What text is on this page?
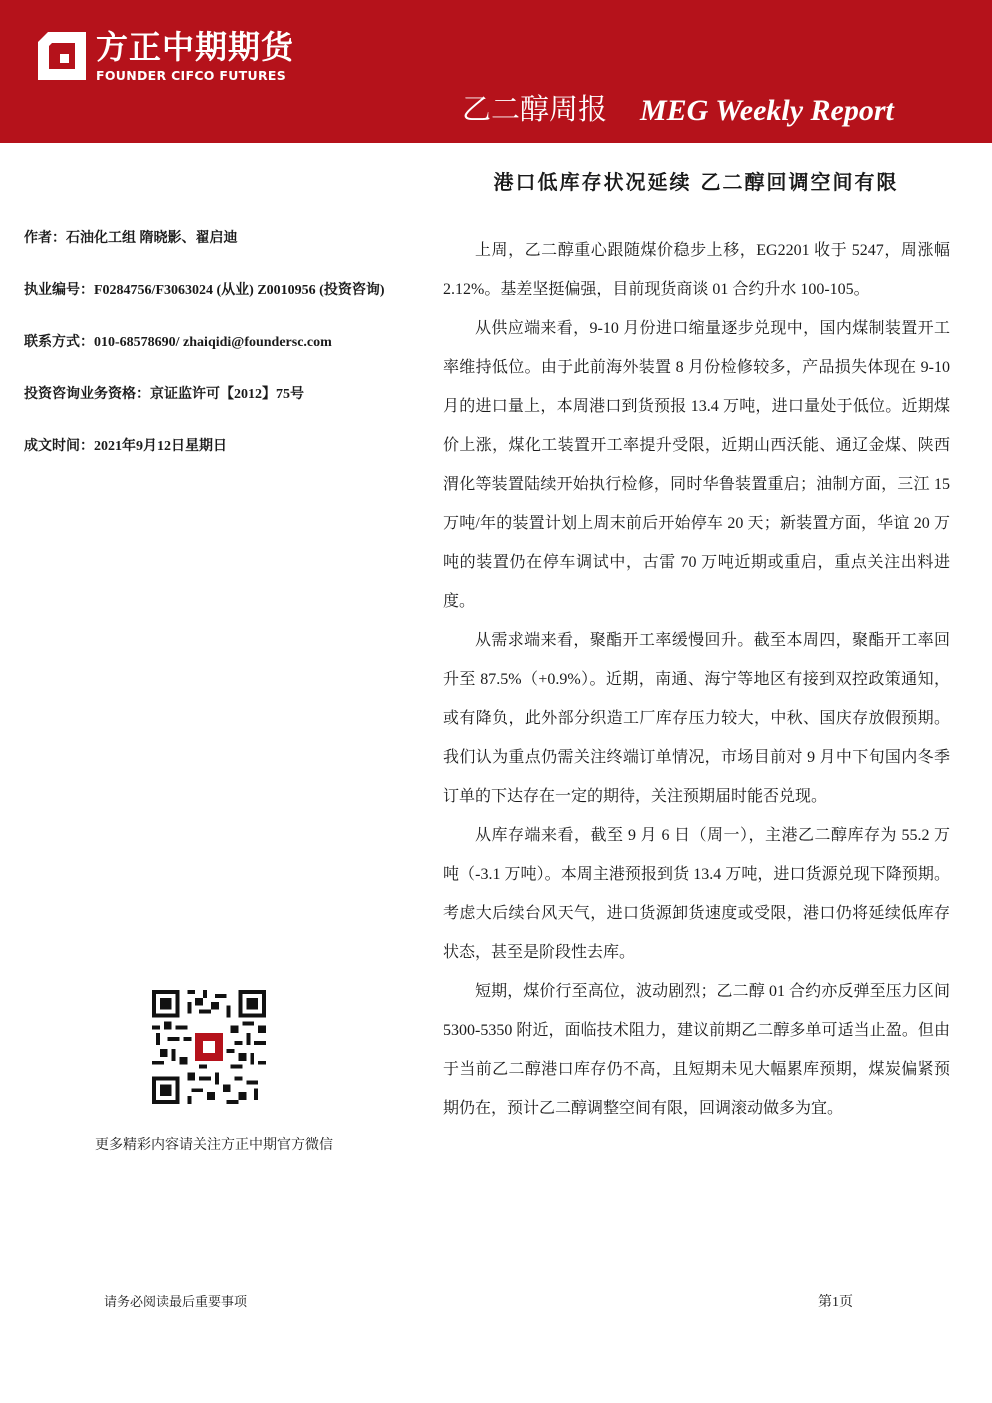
方正中期期货
FOUNDER CIFCO FUTURES
乙二醇周报 MEG Weekly Report
港口低库存状况延续 乙二醇回调空间有限
作者：石油化工组 隋晓影、翟启迪
执业编号：F0284756/F3063024 (从业) Z0010956 (投资咨询)
联系方式：010-68578690/ zhaiqidi@foundersc.com
投资咨询业务资格：京证监许可【2012】75号
成文时间：2021年9月12日星期日
更多精彩内容请关注方正中期官方微信

上周，乙二醇重心跟随煤价稳步上移，EG2201 收于 5247，周涨幅 2.12%。基差坚挺偏强，目前现货商谈 01 合约升水 100-105。

从供应端来看，9-10 月份进口缩量逐步兑现中，国内煤制装置开工率维持低位。由于此前海外装置 8 月份检修较多，产品损失体现在 9-10 月的进口量上，本周港口到货预报 13.4 万吨，进口量处于低位。近期煤价上涨，煤化工装置开工率提升受限，近期山西沃能、通辽金煤、陕西渭化等装置陆续开始执行检修，同时华鲁装置重启；油制方面，三江 15 万吨/年的装置计划上周末前后开始停车 20 天；新装置方面，华谊 20 万吨的装置仍在停车调试中，古雷 70 万吨近期或重启，重点关注出料进度。

从需求端来看，聚酯开工率缓慢回升。截至本周四，聚酯开工率回升至 87.5%（+0.9%）。近期，南通、海宁等地区有接到双控政策通知，或有降负，此外部分织造工厂库存压力较大，中秋、国庆存放假预期。我们认为重点仍需关注终端订单情况，市场目前对 9 月中下旬国内冬季订单的下达存在一定的期待，关注预期届时能否兑现。

从库存端来看，截至 9 月 6 日（周一），主港乙二醇库存为 55.2 万吨（-3.1 万吨）。本周主港预报到货 13.4 万吨，进口货源兑现下降预期。考虑大后续台风天气，进口货源卸货速度或受限，港口仍将延续低库存状态，甚至是阶段性去库。

短期，煤价行至高位，波动剧烈；乙二醇 01 合约亦反弹至压力区间 5300-5350 附近，面临技术阻力，建议前期乙二醇多单可适当止盈。但由于当前乙二醇港口库存仍不高，且短期未见大幅累库预期，煤炭偏紧预期仍在，预计乙二醇调整空间有限，回调滚动做多为宜。

请务必阅读最后重要事项	第1页
